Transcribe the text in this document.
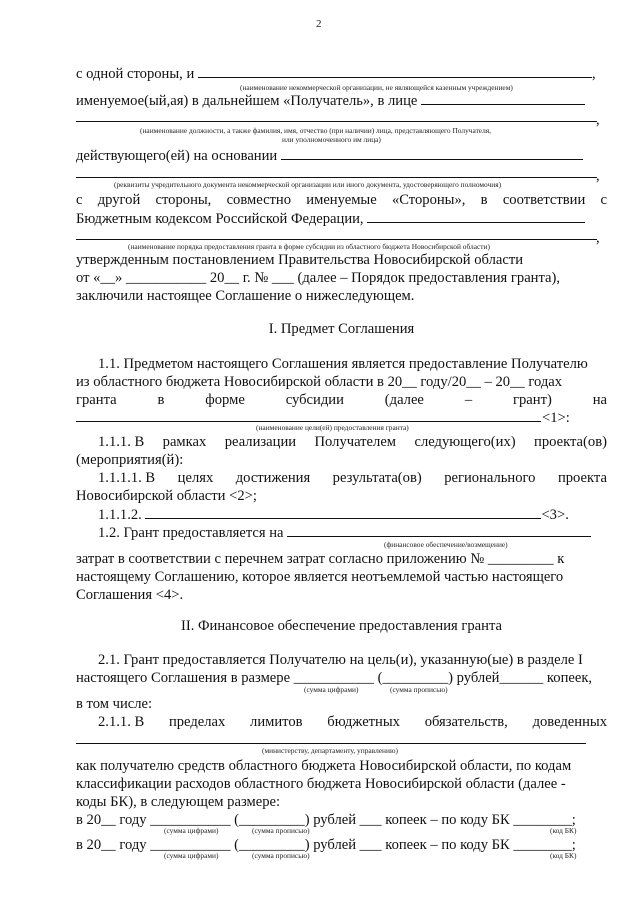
2
с одной стороны, и	,
(наименование некоммерческой организации, не являющейся казенным учреждением)
именуемое(ый,ая) в дальнейшем «Получатель», в лице
,
(наименование должности, а также фамилия, имя, отчество (при наличии) лица, представляющего Получателя,
или уполномоченного им лица)
действующего(ей) на основании
,
(реквизиты учредительного документа некоммерческой организации или иного документа, удостоверяющего полномочия)
с другой стороны, совместно именуемые «Стороны», в соответствии с
Бюджетным кодексом Российской Федерации,
,
(наименование порядка предоставления гранта в форме субсидии из областного бюджета Новосибирской области)
утвержденным постановлением Правительства Новосибирской области
от «__» ___________ 20__ г. № ___ (далее – Порядок предоставления гранта),
заключили настоящее Соглашение о нижеследующем.
I. Предмет Соглашения
1.1. Предметом настоящего Соглашения является предоставление Получателю
из областного бюджета Новосибирской области в 20__ году/20__ – 20__ годах
гранта	в	форме	субсидии	(далее	–	грант)	на
<1>:
(наименование цели(ей) предоставления гранта)
1.1.1. В рамках реализации Получателем следующего(их) проекта(ов)
(мероприятия(й):
1.1.1.1. В целях достижения результата(ов) регионального проекта
Новосибирской области <2>;
1.1.1.2.	<3>.
1.2. Грант предоставляется на
(финансовое обеспечение/возмещение)
затрат в соответствии с перечнем затрат согласно приложению № _________ к
настоящему Соглашению, которое является неотъемлемой частью настоящего
Соглашения <4>.
II. Финансовое обеспечение предоставления гранта
2.1. Грант предоставляется Получателю на цель(и), указанную(ые) в разделе I
настоящего Соглашения в размере ___________ (_________) рублей______ копеек,
(сумма цифрами)	(сумма прописью)
в том числе:
2.1.1. В пределах лимитов бюджетных обязательств, доведенных
(министерству, департаменту, управлению)
как получателю средств областного бюджета Новосибирской области, по кодам
классификации расходов областного бюджета Новосибирской области (далее -
коды БК), в следующем размере:
в 20__ году ___________ (_________) рублей ___ копеек – по коду БК ________;
(сумма цифрами)	(сумма прописью)	(код БК)
в 20__ году ___________ (_________) рублей ___ копеек – по коду БК ________;
(сумма цифрами)	(сумма прописью)	(код БК)
